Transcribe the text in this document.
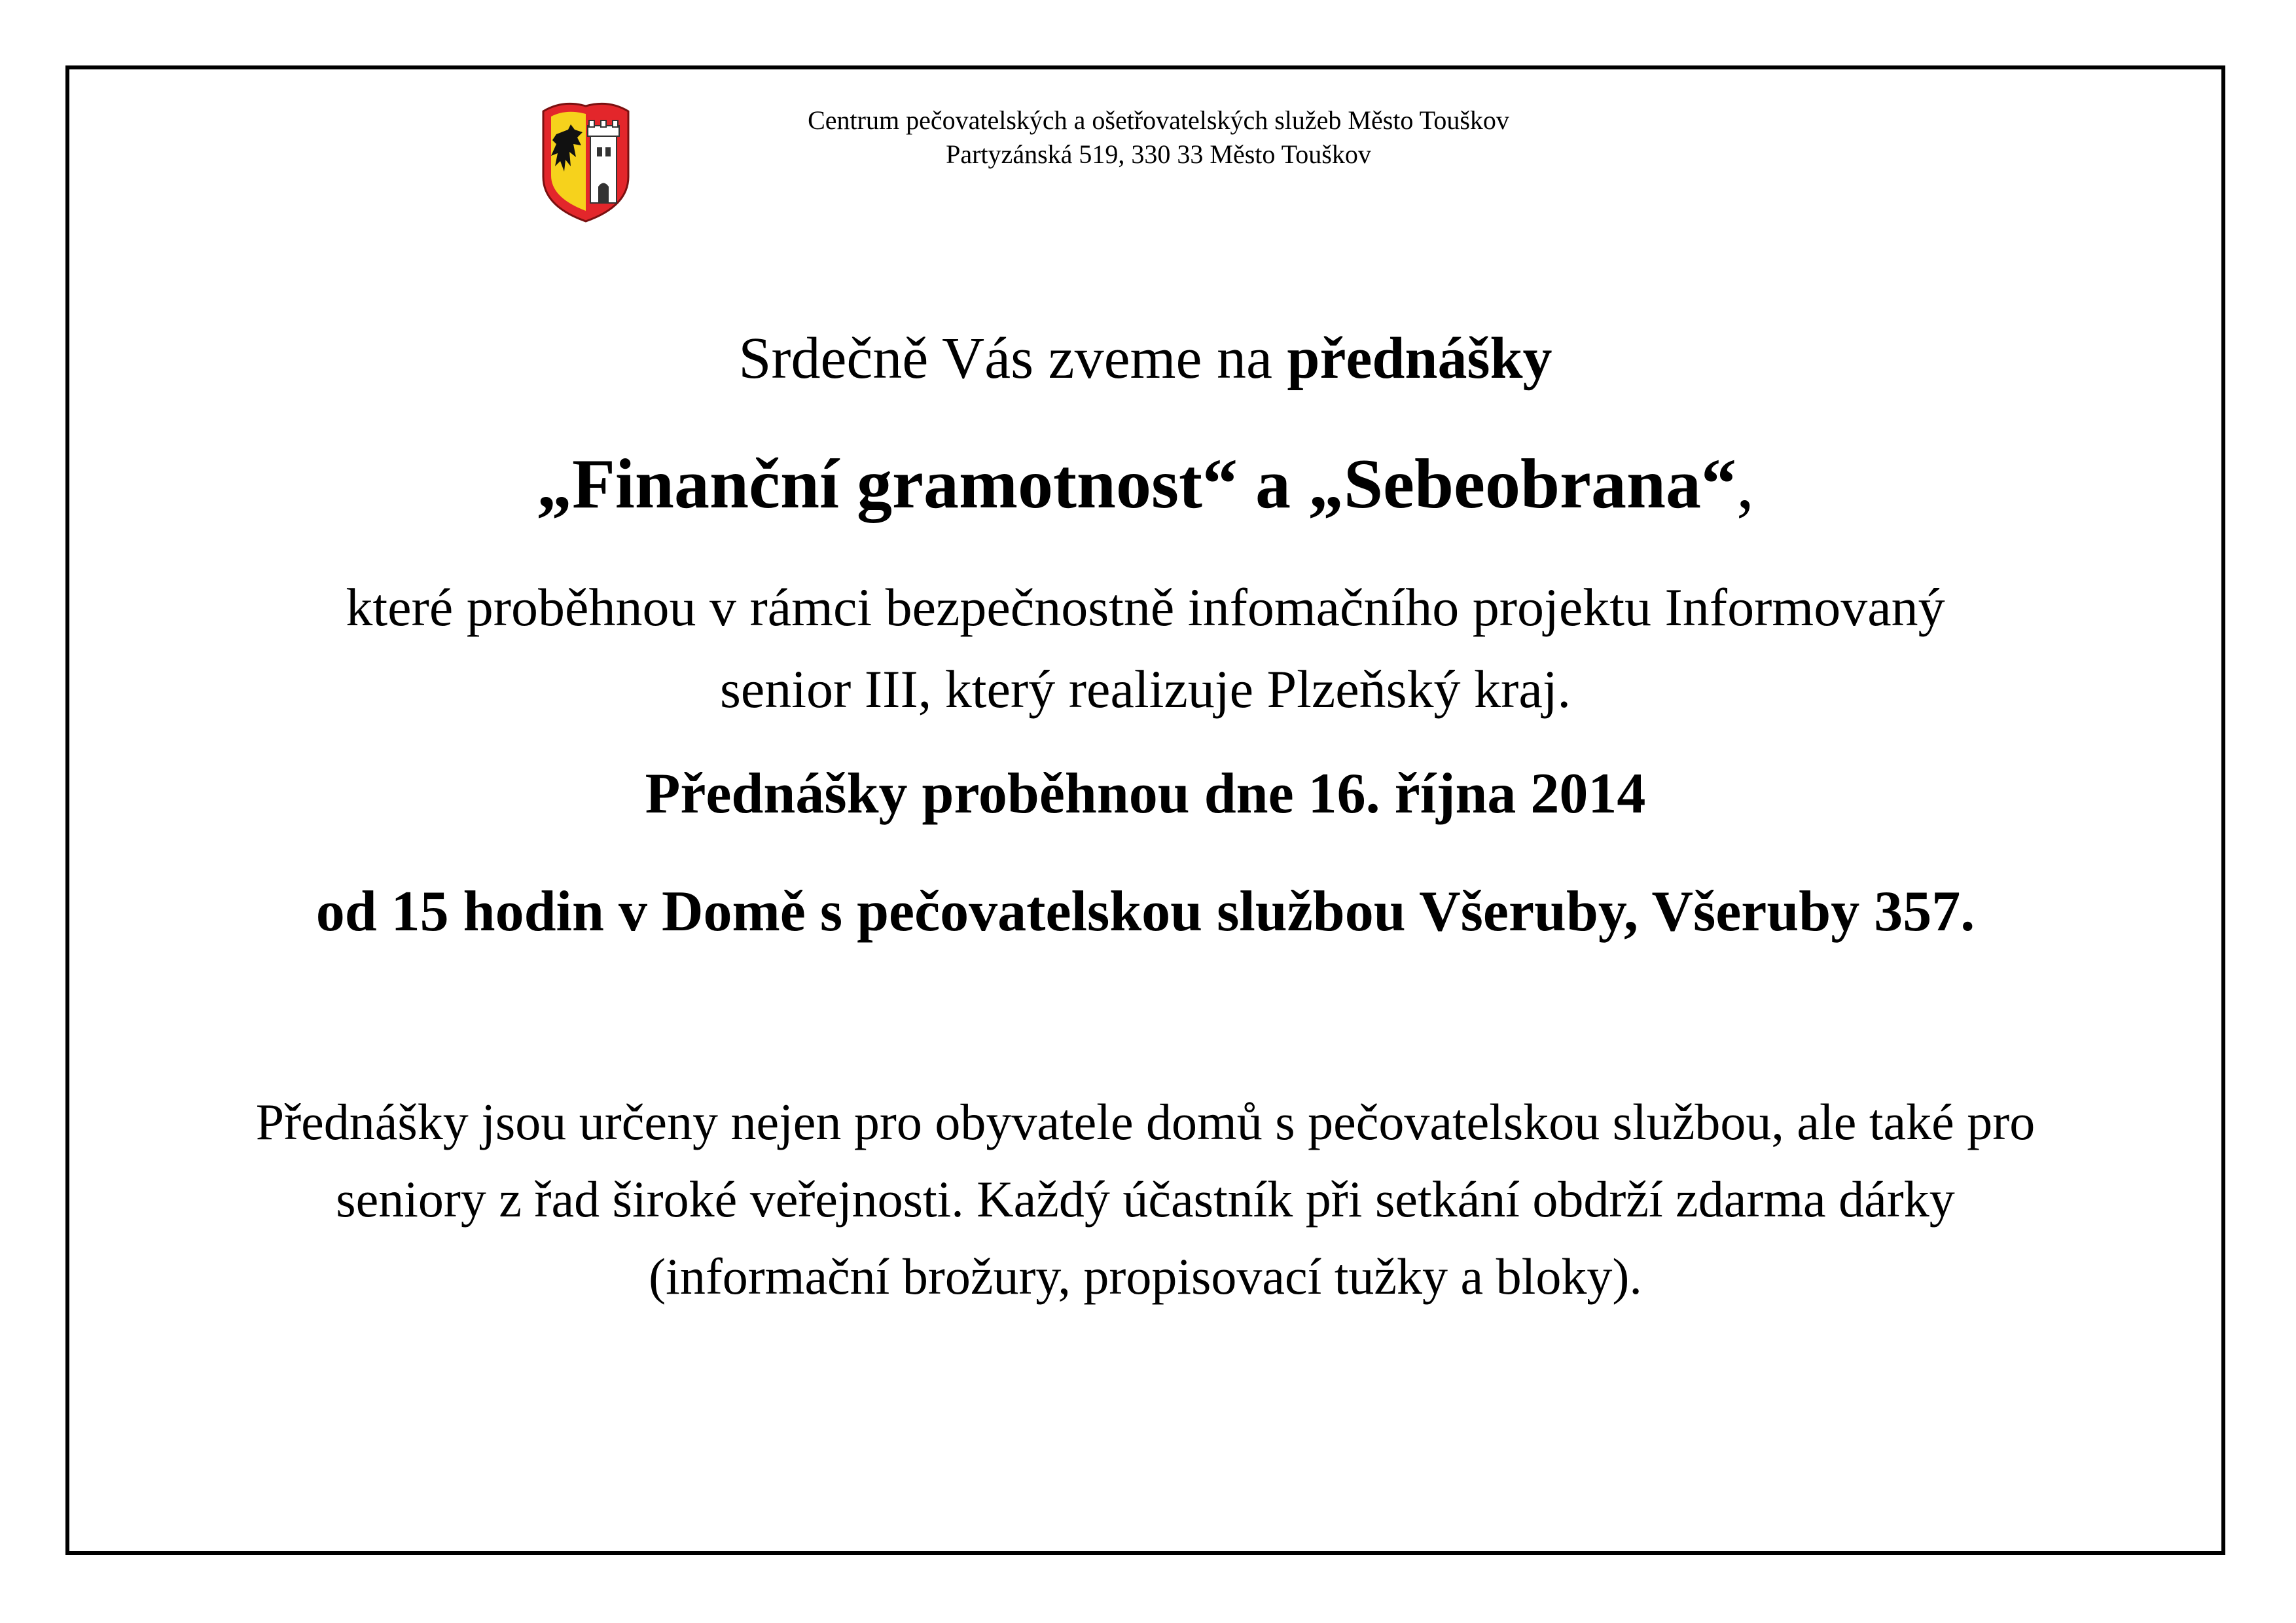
Centrum pečovatelských a ošetřovatelských služeb Město Touškov
Partyzánská 519, 330 33 Město Touškov
Srdečně Vás zveme na přednášky
„Finanční gramotnost“ a „Sebeobrana“,
které proběhnou v rámci bezpečnostně infomačního projektu Informovaný
senior III, který realizuje Plzeňský kraj.
Přednášky proběhnou dne 16. října 2014
od 15 hodin v Domě s pečovatelskou službou Všeruby, Všeruby 357.
Přednášky jsou určeny nejen pro obyvatele domů s pečovatelskou službou, ale také pro
seniory z řad široké veřejnosti. Každý účastník při setkání obdrží zdarma dárky
(informační brožury, propisovací tužky a bloky).
